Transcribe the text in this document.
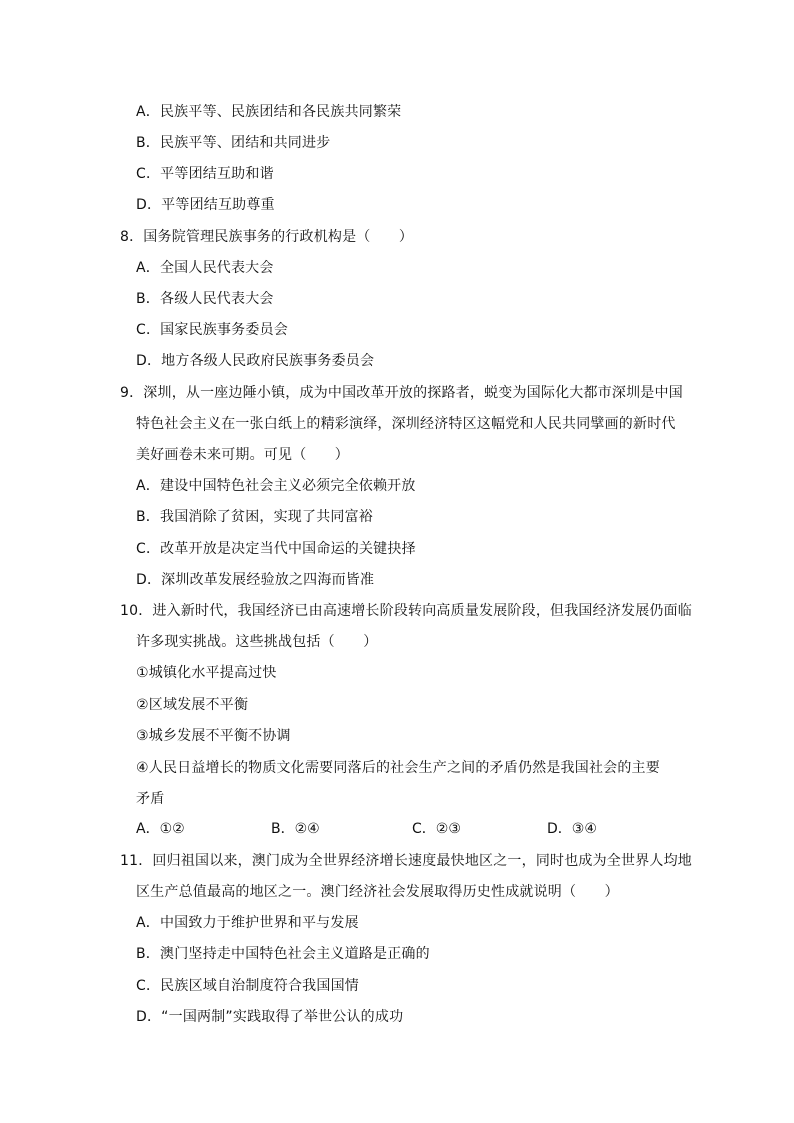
A．民族平等、民族团结和各民族共同繁荣
B．民族平等、团结和共同进步
C．平等团结互助和谐
D．平等团结互助尊重
8．国务院管理民族事务的行政机构是（　　）
A．全国人民代表大会
B．各级人民代表大会
C．国家民族事务委员会
D．地方各级人民政府民族事务委员会
9．深圳，从一座边陲小镇，成为中国改革开放的探路者，蜕变为国际化大都市深圳是中国
特色社会主义在一张白纸上的精彩演绎，深圳经济特区这幅党和人民共同擘画的新时代
美好画卷未来可期。可见（　　）
A．建设中国特色社会主义必须完全依赖开放
B．我国消除了贫困，实现了共同富裕
C．改革开放是决定当代中国命运的关键抉择
D．深圳改革发展经验放之四海而皆准
10．进入新时代，我国经济已由高速增长阶段转向高质量发展阶段，但我国经济发展仍面临
许多现实挑战。这些挑战包括（　　）
①城镇化水平提高过快
②区域发展不平衡
③城乡发展不平衡不协调
④人民日益增长的物质文化需要同落后的社会生产之间的矛盾仍然是我国社会的主要
矛盾
A．①②	B．②④	C．②③	D．③④
11．回归祖国以来，澳门成为全世界经济增长速度最快地区之一，同时也成为全世界人均地
区生产总值最高的地区之一。澳门经济社会发展取得历史性成就说明（　　）
A．中国致力于维护世界和平与发展
B．澳门坚持走中国特色社会主义道路是正确的
C．民族区域自治制度符合我国国情
D．“一国两制”实践取得了举世公认的成功
